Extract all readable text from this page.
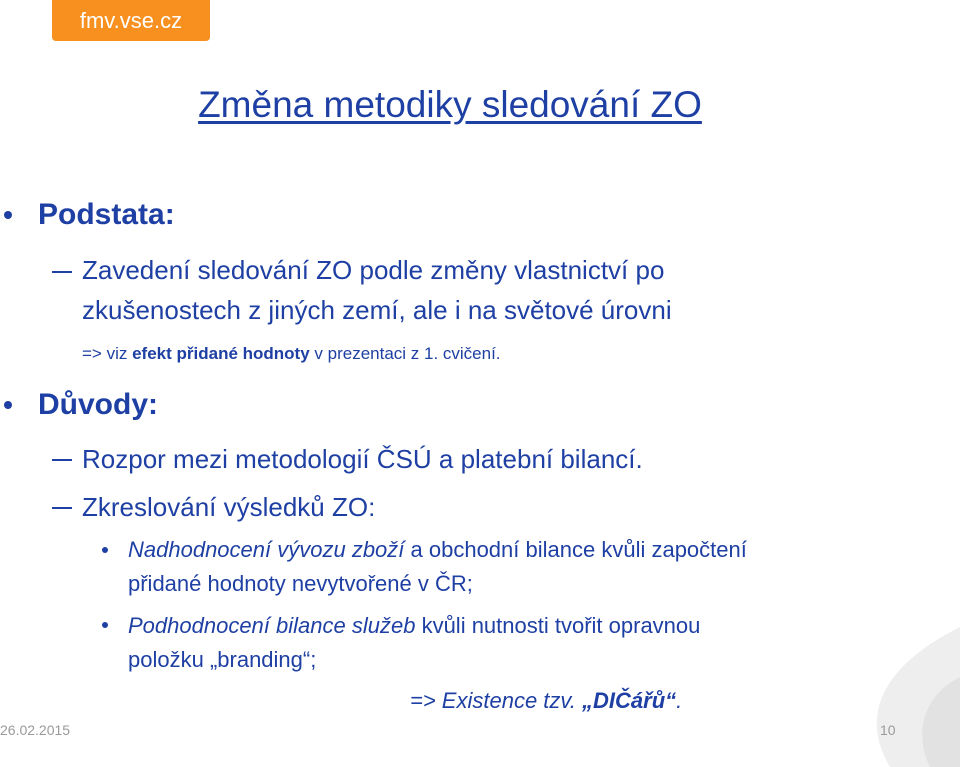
fmv.vse.cz
Změna metodiky sledování ZO
Podstata:
Zavedení sledování ZO podle změny vlastnictví po
zkušenostech z jiných zemí, ale i na světové úrovni
=> viz efekt přidané hodnoty v prezentaci z 1. cvičení.
Důvody:
Rozpor mezi metodologií ČSÚ a platební bilancí.
Zkreslování výsledků ZO:
Nadhodnocení vývozu zboží a obchodní bilance kvůli započtení
přidané hodnoty nevytvořené v ČR;
Podhodnocení bilance služeb kvůli nutnosti tvořit opravnou
položku „branding“;
=> Existence tzv. „DIČářů“.
26.02.2015	10
